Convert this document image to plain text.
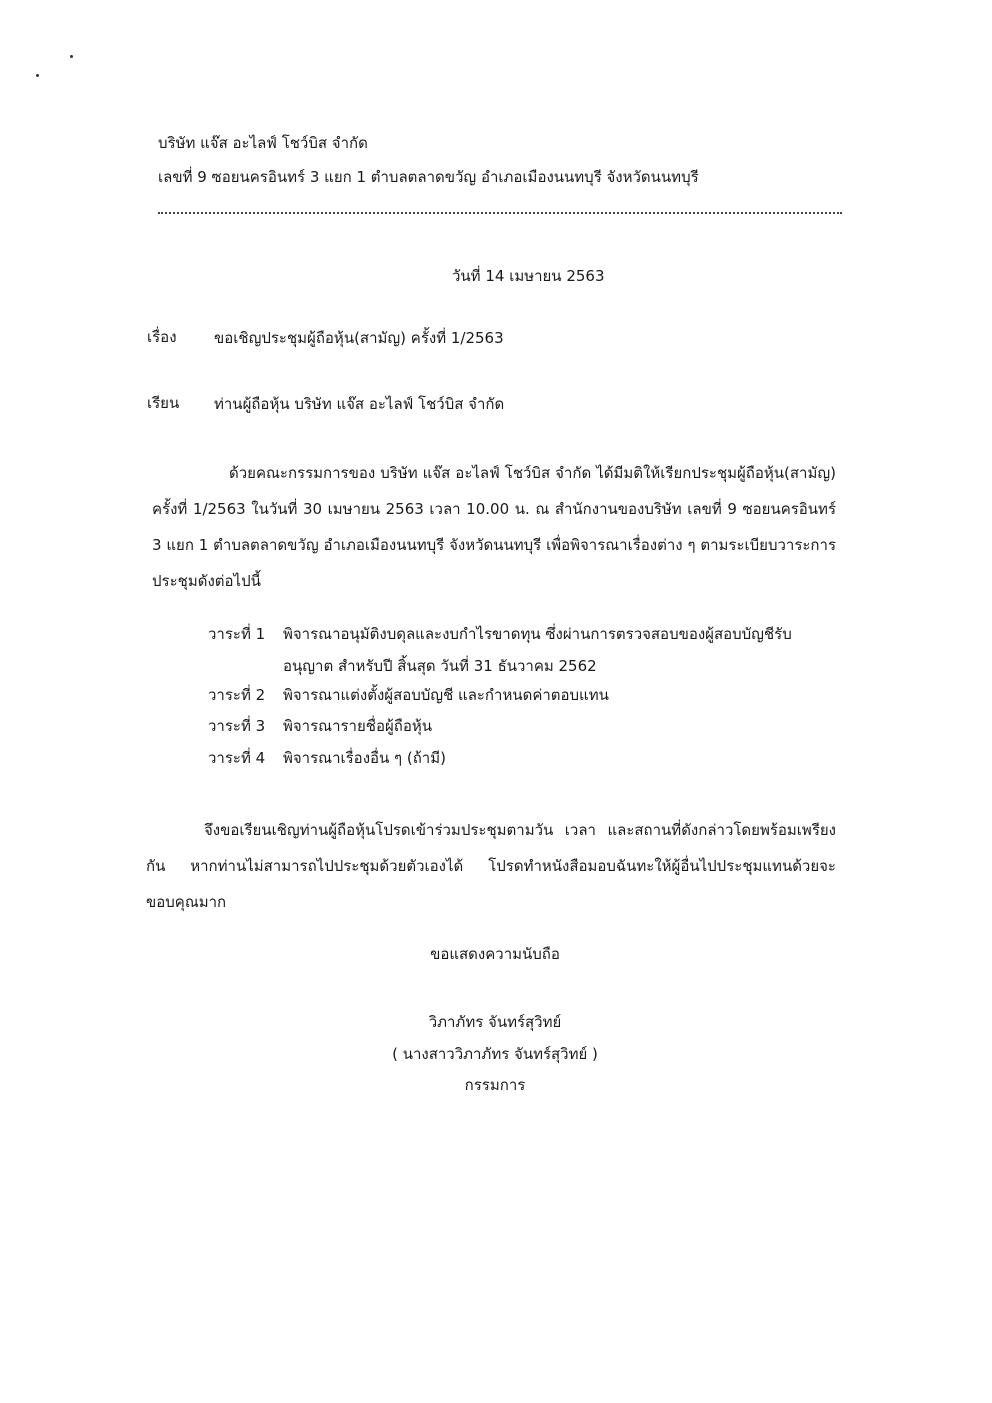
บริษัท แจ๊ส อะไลฟ์ โชว์บิส จำกัด
เลขที่ 9 ซอยนครอินทร์ 3 แยก 1 ตำบลตลาดขวัญ อำเภอเมืองนนทบุรี จังหวัดนนทบุรี
วันที่ 14 เมษายน 2563
เรื่อง ขอเชิญประชุมผู้ถือหุ้น(สามัญ) ครั้งที่ 1/2563
เรียน ท่านผู้ถือหุ้น บริษัท แจ๊ส อะไลฟ์ โชว์บิส จำกัด
ด้วยคณะกรรมการของ บริษัท แจ๊ส อะไลฟ์ โชว์บิส จำกัด ได้มีมติให้เรียกประชุมผู้ถือหุ้น(สามัญ) ครั้งที่ 1/2563 ในวันที่ 30 เมษายน 2563 เวลา 10.00 น. ณ สำนักงานของบริษัท เลขที่ 9 ซอยนครอินทร์ 3 แยก 1 ตำบลตลาดขวัญ อำเภอเมืองนนทบุรี จังหวัดนนทบุรี เพื่อพิจารณาเรื่องต่าง ๆ ตามระเบียบวาระการประชุมดังต่อไปนี้
วาระที่ 1 พิจารณาอนุมัติงบดุลและงบกำไรขาดทุน ซึ่งผ่านการตรวจสอบของผู้สอบบัญชีรับอนุญาต สำหรับปี สิ้นสุด วันที่ 31 ธันวาคม 2562
วาระที่ 2 พิจารณาแต่งตั้งผู้สอบบัญชี และกำหนดค่าตอบแทน
วาระที่ 3 พิจารณารายชื่อผู้ถือหุ้น
วาระที่ 4 พิจารณาเรื่องอื่น ๆ (ถ้ามี)
จึงขอเรียนเชิญท่านผู้ถือหุ้นโปรดเข้าร่วมประชุมตามวัน เวลา และสถานที่ดังกล่าวโดยพร้อมเพรียงกัน หากท่านไม่สามารถไปประชุมด้วยตัวเองได้ โปรดทำหนังสือมอบฉันทะให้ผู้อื่นไปประชุมแทนด้วยจะขอบคุณมาก
ขอแสดงความนับถือ
วิภาภัทร จันทร์สุวิทย์
( นางสาววิภาภัทร จันทร์สุวิทย์ )
กรรมการ
